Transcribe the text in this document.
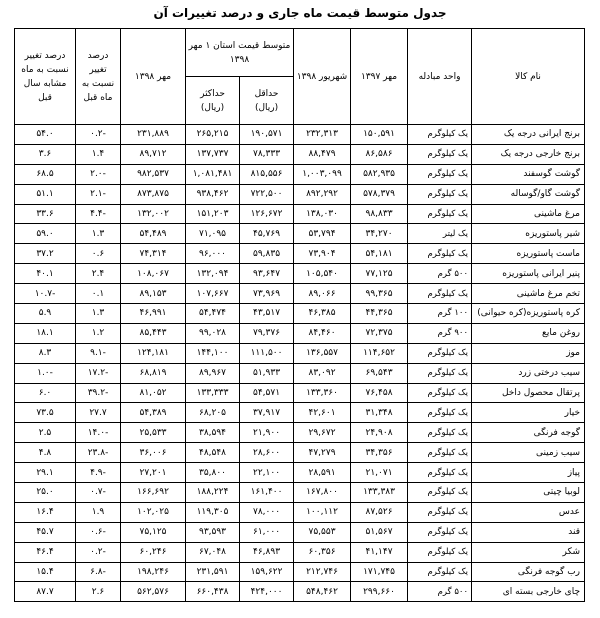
جدول متوسط قیمت ماه جاری و درصد تغییرات آن
نام کالا	واحد مبادله	مهر ۱۳۹۷	شهریور ۱۳۹۸	متوسط قیمت استان ۱ مهر ۱۳۹۸		مهر ۱۳۹۸	درصد تغییر نسبت به ماه قبل	درصد تغییر نسبت به ماه مشابه سال قبل
				حداقل (ریال)	حداکثر (ریال)			
برنج ایرانی درجه یک	یک کیلوگرم	۱۵۰,۵۹۱	۲۳۲,۳۱۳	۱۹۰,۵۷۱	۲۶۵,۲۱۵	۲۳۱,۸۸۹	-۰.۲	۵۴.۰
برنج خارجی درجه یک	یک کیلوگرم	۸۶,۵۸۶	۸۸,۴۷۹	۷۸,۳۳۳	۱۳۷,۷۳۷	۸۹,۷۱۲	۱.۴	۳.۶
گوشت گوسفند	یک کیلوگرم	۵۸۲,۹۳۵	۱,۰۰۳,۰۹۹	۸۱۵,۵۵۶	۱,۰۸۱,۴۸۱	۹۸۲,۵۳۷	-۲.۰	۶۸.۵
گوشت گاو/گوساله	یک کیلوگرم	۵۷۸,۳۷۹	۸۹۲,۲۹۲	۷۲۲,۵۰۰	۹۳۸,۴۶۲	۸۷۳,۸۷۵	-۲.۱	۵۱.۱
مرغ ماشینی	یک کیلوگرم	۹۸,۸۳۳	۱۳۸,۰۳۰	۱۲۶,۶۷۲	۱۵۱,۲۰۳	۱۳۲,۰۰۲	-۴.۴	۳۳.۶
شیر پاستوریزه	یک لیتر	۳۴,۲۷۰	۵۳,۷۹۴	۴۵,۷۶۹	۷۱,۰۹۵	۵۴,۴۸۹	۱.۳	۵۹.۰
ماست پاستوریزه	یک کیلوگرم	۵۴,۱۸۱	۷۳,۹۰۴	۵۹,۸۳۵	۹۶,۰۰۰	۷۴,۳۱۴	۰.۶	۳۷.۲
پنیر ایرانی پاستوریزه	۵۰۰ گرم	۷۷,۱۲۵	۱۰۵,۵۴۰	۹۳,۶۴۷	۱۳۲,۰۹۴	۱۰۸,۰۶۷	۲.۴	۴۰.۱
تخم مرغ ماشینی	یک کیلوگرم	۹۹,۳۶۵	۸۹,۰۶۶	۷۳,۹۶۹	۱۰۷,۶۶۷	۸۹,۱۵۳	۰.۱	-۱۰.۷
کره پاستوریزه(کره حیوانی)	۱۰۰ گرم	۴۴,۳۶۵	۴۶,۳۸۵	۴۳,۵۱۷	۵۴,۴۷۴	۴۶,۹۹۱	۱.۳	۵.۹
روغن مایع	۹۰۰ گرم	۷۲,۳۷۵	۸۴,۴۶۰	۷۹,۳۷۶	۹۹,۰۲۸	۸۵,۴۴۳	۱.۲	۱۸.۱
موز	یک کیلوگرم	۱۱۴,۶۵۲	۱۳۶,۵۵۷	۱۱۱,۵۰۰	۱۴۴,۱۰۰	۱۲۴,۱۸۱	-۹.۱	۸.۳
سیب درختی زرد	یک کیلوگرم	۶۹,۵۴۳	۸۳,۰۹۲	۵۱,۹۳۳	۸۹,۹۶۷	۶۸,۸۱۹	-۱۷.۲	-۱.۰
پرتقال محصول داخل	یک کیلوگرم	۷۶,۴۵۸	۱۳۳,۳۶۰	۵۴,۵۷۱	۱۳۳,۳۳۳	۸۱,۰۵۲	-۳۹.۲	۶.۰
خیار	یک کیلوگرم	۳۱,۳۴۸	۴۲,۶۰۱	۳۷,۹۱۷	۶۸,۲۰۵	۵۴,۳۸۹	۲۷.۷	۷۳.۵
گوجه فرنگی	یک کیلوگرم	۲۴,۹۰۸	۲۹,۶۷۲	۲۱,۹۰۰	۳۸,۵۹۴	۲۵,۵۳۳	-۱۴.۰	۲.۵
سیب زمینی	یک کیلوگرم	۳۴,۳۵۶	۴۷,۲۷۹	۲۸,۶۰۰	۴۸,۵۴۸	۳۶,۰۰۶	-۲۳.۸	۴.۸
پیاز	یک کیلوگرم	۲۱,۰۷۱	۲۸,۵۹۱	۲۲,۱۰۰	۳۵,۸۰۰	۲۷,۲۰۱	-۴.۹	۲۹.۱
لوبیا چیتی	یک کیلوگرم	۱۳۳,۳۸۳	۱۶۷,۸۰۰	۱۶۱,۴۰۰	۱۸۸,۲۲۴	۱۶۶,۶۹۲	-۰.۷	۲۵.۰
عدس	یک کیلوگرم	۸۷,۵۲۶	۱۰۰,۱۱۲	۷۸,۰۰۰	۱۱۹,۳۰۵	۱۰۲,۰۲۵	۱.۹	۱۶.۴
قند	یک کیلوگرم	۵۱,۵۶۷	۷۵,۵۵۳	۶۱,۰۰۰	۹۳,۵۹۳	۷۵,۱۲۵	-۰.۶	۴۵.۷
شکر	یک کیلوگرم	۴۱,۱۴۷	۶۰,۳۵۶	۴۶,۸۹۳	۶۷,۰۴۸	۶۰,۲۴۶	-۰.۲	۴۶.۴
رب گوجه فرنگی	یک کیلوگرم	۱۷۱,۷۴۵	۲۱۲,۷۴۶	۱۵۹,۶۲۲	۲۳۱,۵۹۱	۱۹۸,۲۴۶	-۶.۸	۱۵.۴
چای خارجی بسته ای	۵۰۰ گرم	۲۹۹,۶۶۰	۵۴۸,۴۶۲	۴۲۴,۰۰۰	۶۶۰,۴۳۸	۵۶۲,۵۷۶	۲.۶	۸۷.۷
